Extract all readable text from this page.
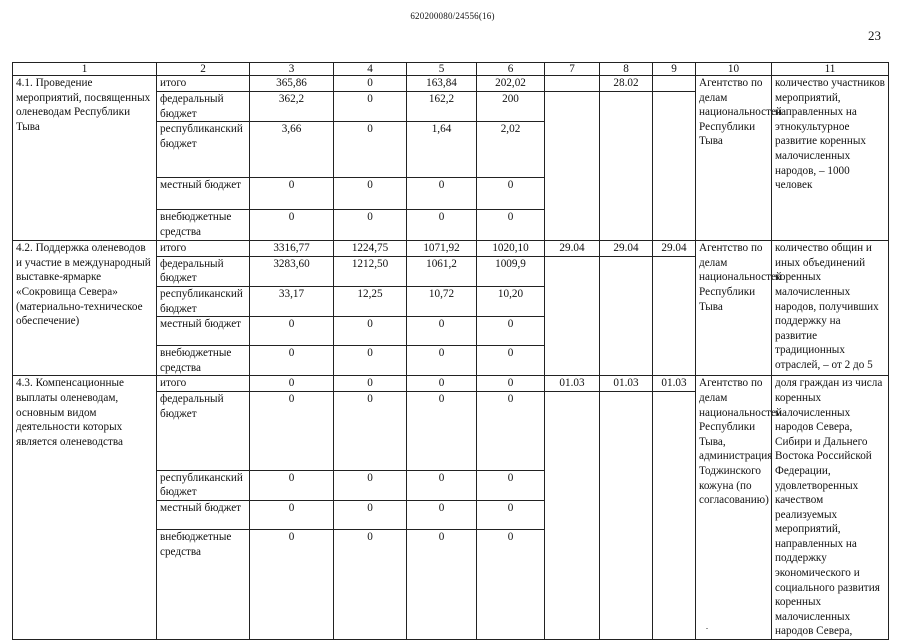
620200080/24556(16)
23
1	2	3	4	5	6	7	8	9	10	11
4.1. Проведение мероприятий, посвященных оленеводам Республики Тыва	итого	365,86	0	163,84	202,02		28.02		Агентство по делам национальностей Республики Тыва	количество участников мероприятий, направленных на этнокультурное развитие коренных малочисленных народов, – 1000 человек
	федеральный бюджет	362,2	0	162,2	200					
	республиканский бюджет	3,66	0	1,64	2,02					
	местный бюджет	0	0	0	0					
	внебюджетные средства	0	0	0	0					
4.2. Поддержка оленеводов и участие в международный выставке-ярмарке «Сокровища Севера» (материально-техническое обеспечение)	итого	3316,77	1224,75	1071,92	1020,10	29.04	29.04	29.04	Агентство по делам национальностей Республики Тыва	количество общин и иных объединений коренных малочисленных народов, получивших поддержку на развитие традиционных отраслей, – от 2 до 5
	федеральный бюджет	3283,60	1212,50	1061,2	1009,9					
	республиканский бюджет	33,17	12,25	10,72	10,20					
	местный бюджет	0	0	0	0					
	внебюджетные средства	0	0	0	0					
4.3. Компенсационные выплаты оленеводам, основным видом деятельности которых является оленеводства	итого	0	0	0	0	01.03	01.03	01.03	Агентство по делам национальностей Республики Тыва, администрация Тоджинского кожуна (по согласованию)	доля граждан из числа коренных малочисленных народов Севера, Сибири и Дальнего Востока Российской Федерации, удовлетворенных качеством реализуемых мероприятий, направленных на поддержку экономического и социального развития коренных малочисленных народов Севера,
	федеральный бюджет	0	0	0	0					
	республиканский бюджет	0	0	0	0					
	местный бюджет	0	0	0	0					
	внебюджетные средства	0	0	0	0					
